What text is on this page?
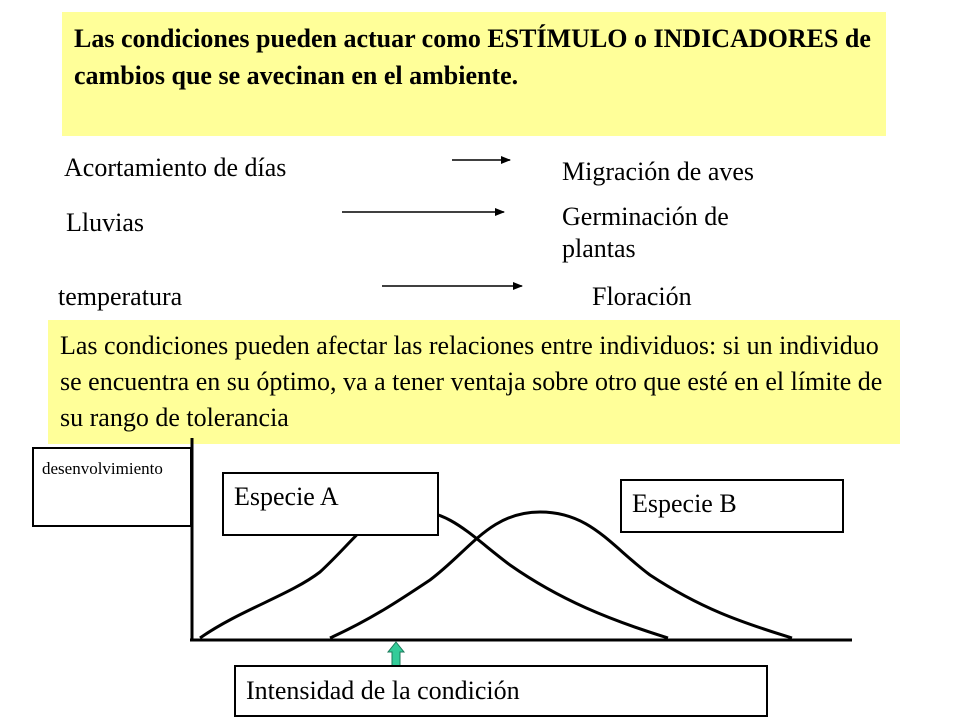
Las condiciones pueden actuar como ESTÍMULO o INDICADORES de cambios que se avecinan en el ambiente.
Acortamiento de días	Migración de aves
Lluvias	Germinación de plantas
temperatura	Floración
Las condiciones pueden afectar las relaciones entre individuos: si un individuo se encuentra en su óptimo, va a tener ventaja sobre otro que esté en el límite de su rango de tolerancia
desenvolvimiento
Especie A	Especie B
Intensidad de la condición
